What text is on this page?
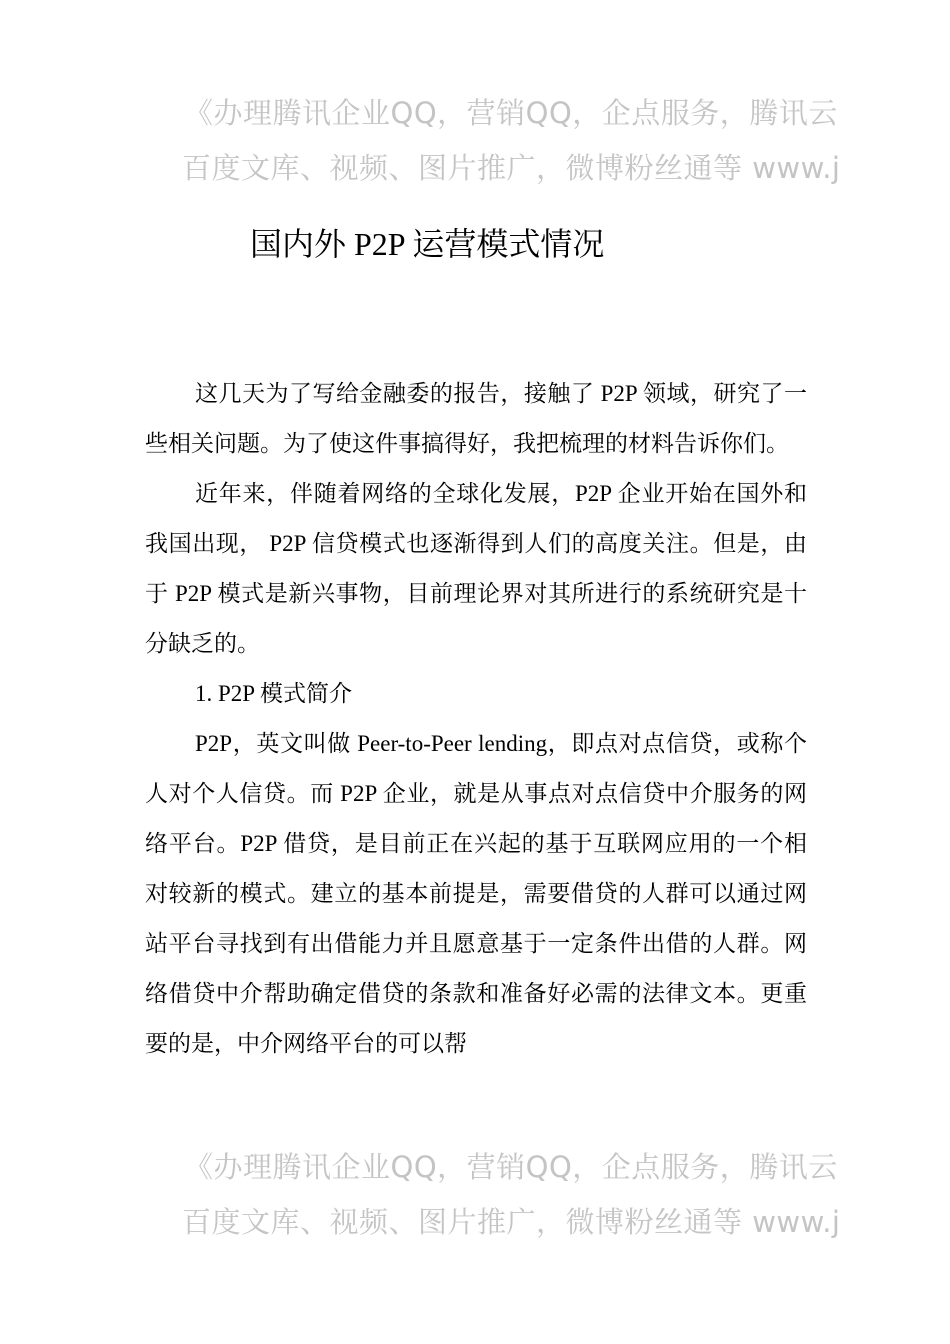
《办理腾讯企业QQ，营销QQ，企点服务，腾讯云
百度文库、视频、图片推广，微博粉丝通等 www.j
国内外 P2P 运营模式情况

这几天为了写给金融委的报告，接触了 P2P 领域，研究了一些相关问题。为了使这件事搞得好，我把梳理的材料告诉你们。

近年来，伴随着网络的全球化发展，P2P 企业开始在国外和我国出现， P2P 信贷模式也逐渐得到人们的高度关注。但是，由于 P2P 模式是新兴事物，目前理论界对其所进行的系统研究是十分缺乏的。

1. P2P 模式简介

P2P，英文叫做 Peer-to-Peer lending，即点对点信贷，或称个人对个人信贷。而 P2P 企业，就是从事点对点信贷中介服务的网络平台。P2P 借贷，是目前正在兴起的基于互联网应用的一个相对较新的模式。建立的基本前提是，需要借贷的人群可以通过网站平台寻找到有出借能力并且愿意基于一定条件出借的人群。网络借贷中介帮助确定借贷的条款和准备好必需的法律文本。更重要的是，中介网络平台的可以帮

《办理腾讯企业QQ，营销QQ，企点服务，腾讯云
百度文库、视频、图片推广，微博粉丝通等 www.j
